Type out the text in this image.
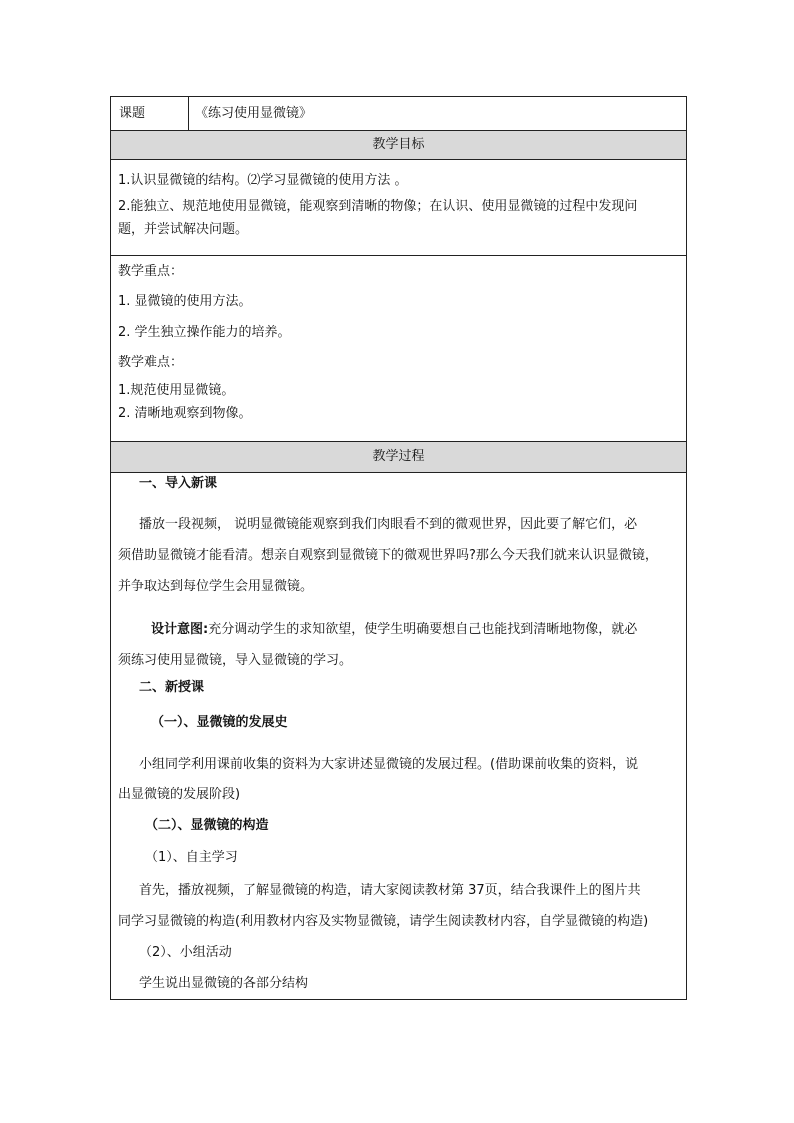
课题	《练习使用显微镜》
教学目标
1.认识显微镜的结构。⑵学习显微镜的使用方法 。
2.能独立、规范地使用显微镜，能观察到清晰的物像；在认识、使用显微镜的过程中发现问
题，并尝试解决问题。
教学重点：
1. 显微镜的使用方法。
2. 学生独立操作能力的培养。
教学难点：
1.规范使用显微镜。
2. 清晰地观察到物像。
教学过程
一、导入新课
播放一段视频， 说明显微镜能观察到我们肉眼看不到的微观世界，因此要了解它们，必
须借助显微镜才能看清。想亲自观察到显微镜下的微观世界吗?那么今天我们就来认识显微镜，
并争取达到每位学生会用显微镜。
设计意图:充分调动学生的求知欲望，使学生明确要想自己也能找到清晰地物像，就必
须练习使用显微镜，导入显微镜的学习。
二、新授课
（一）、显微镜的发展史
小组同学利用课前收集的资料为大家讲述显微镜的发展过程。(借助课前收集的资料，说
出显微镜的发展阶段)
（二）、显微镜的构造
（1）、自主学习
首先，播放视频，了解显微镜的构造，请大家阅读教材第 37页，结合我课件上的图片共
同学习显微镜的构造(利用教材内容及实物显微镜，请学生阅读教材内容，自学显微镜的构造)
（2）、小组活动
学生说出显微镜的各部分结构
